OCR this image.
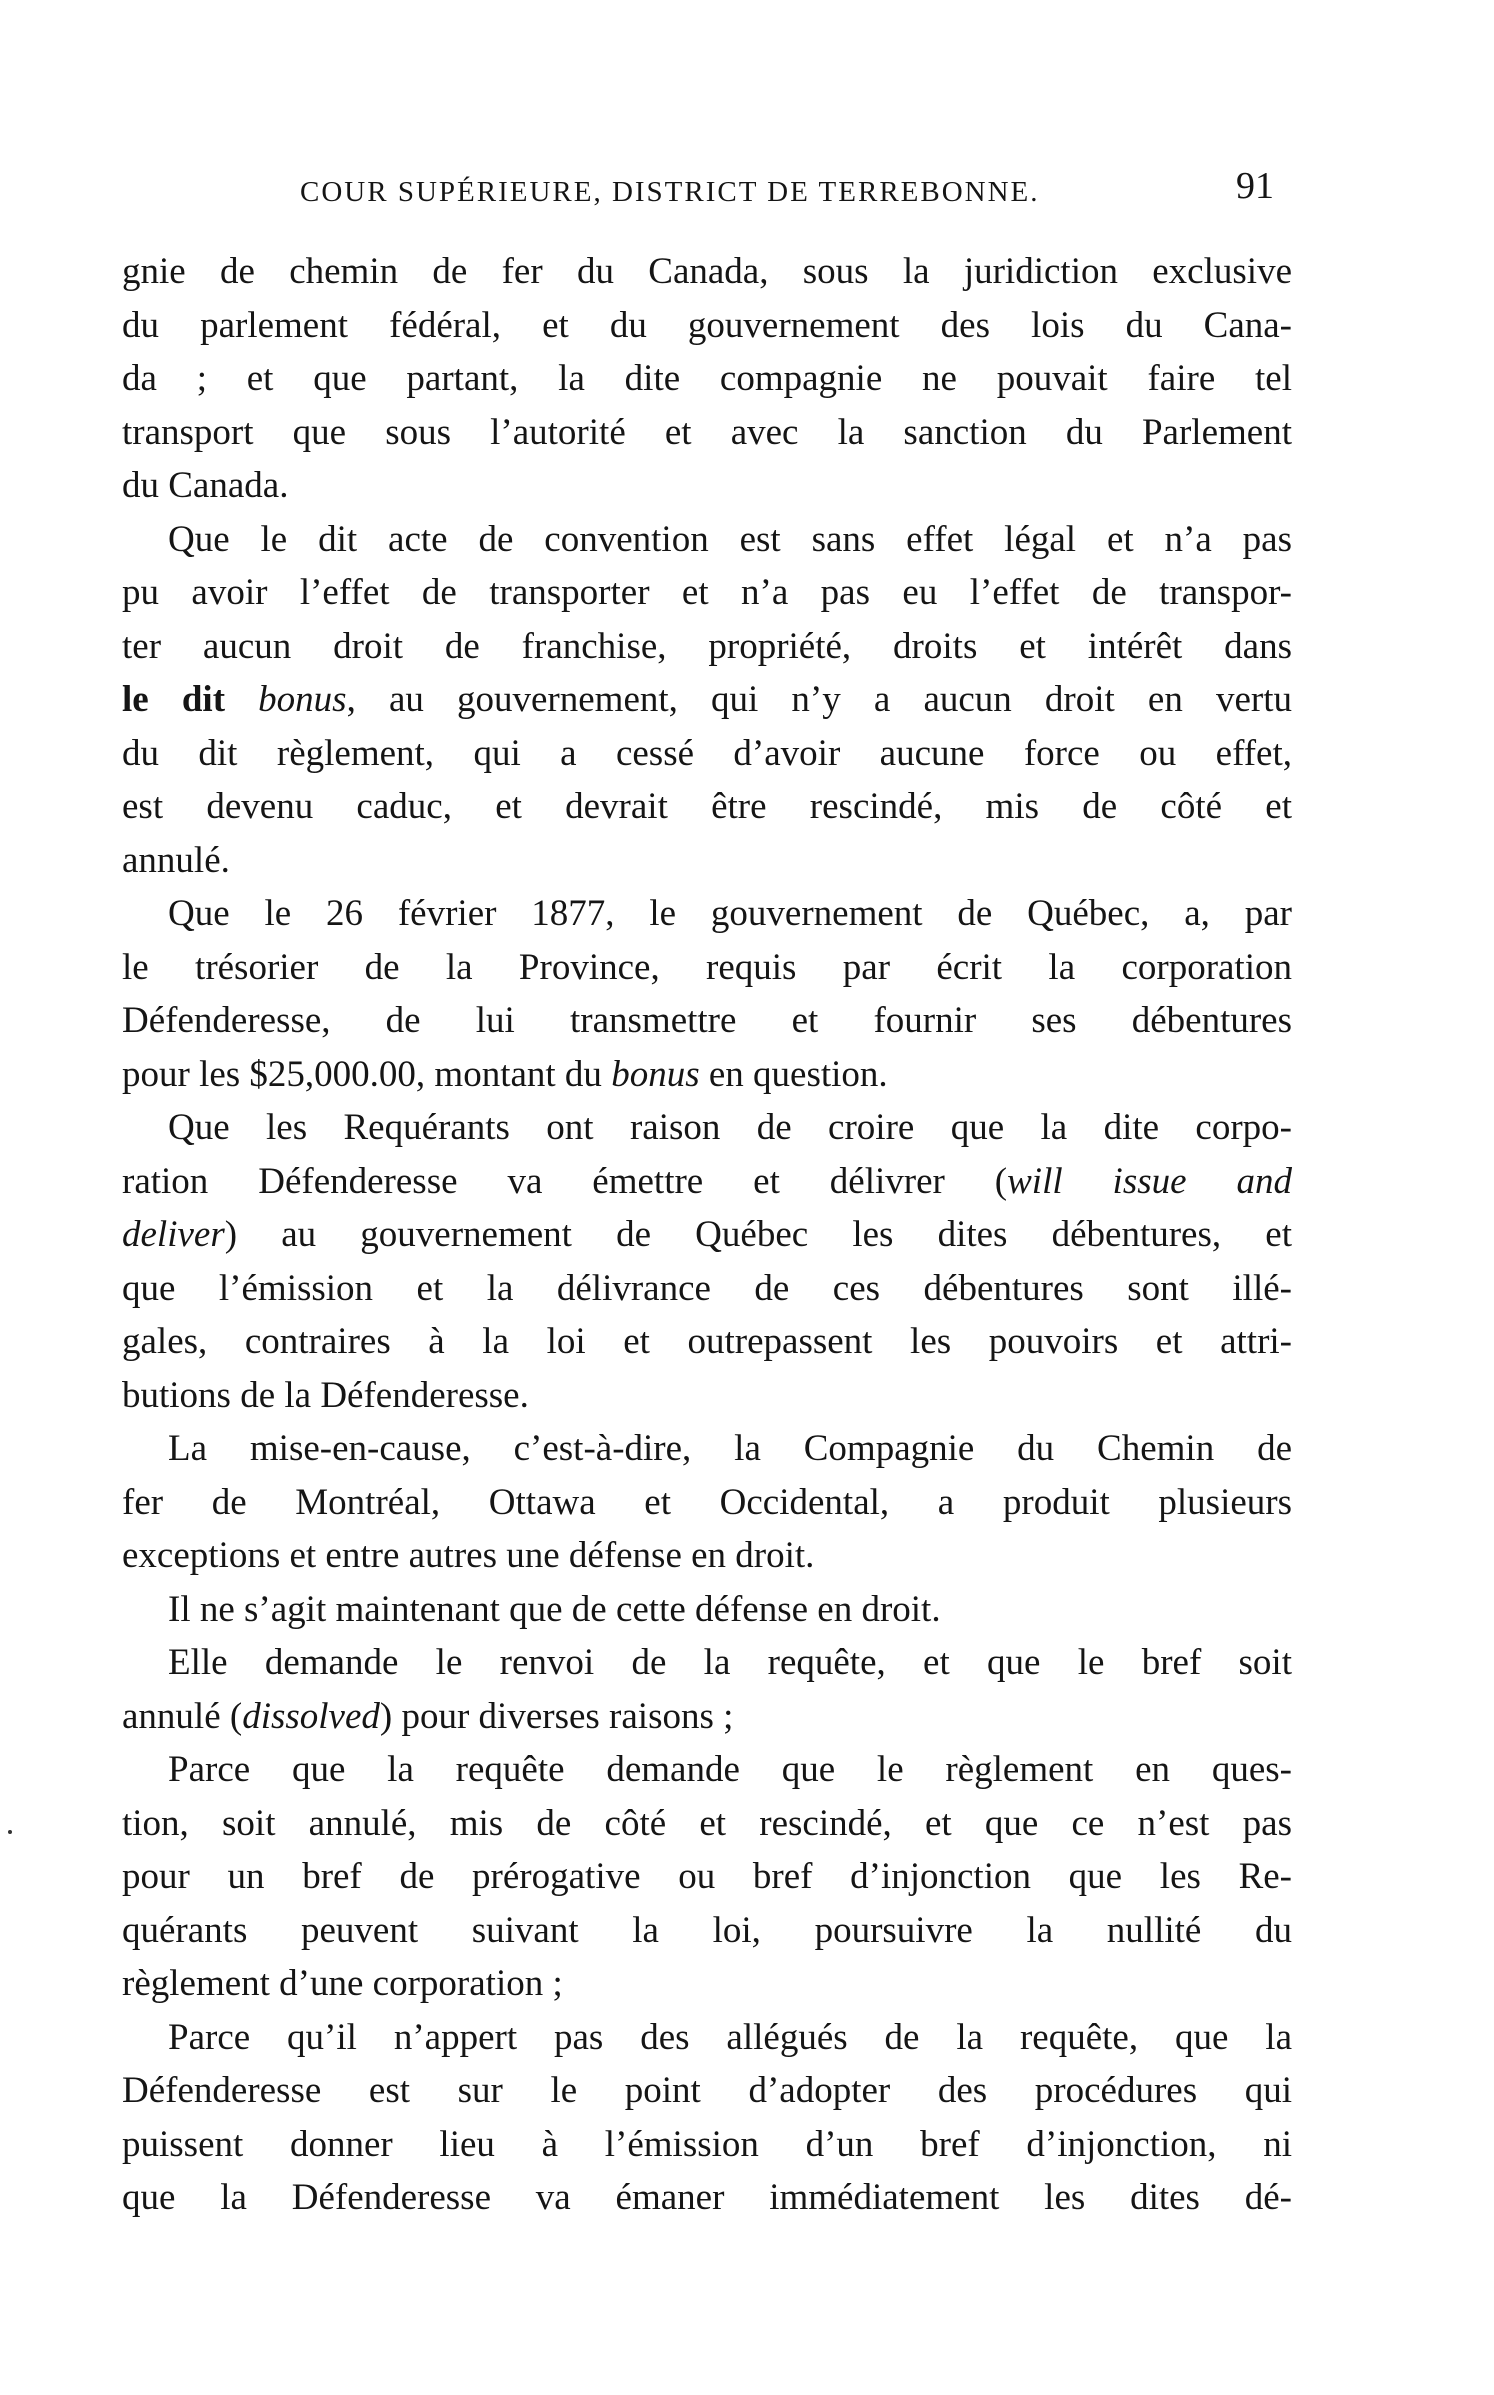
COUR SUPÉRIEURE, DISTRICT DE TERREBONNE.	91
gnie de chemin de fer du Canada, sous la juridiction exclusive
du parlement fédéral, et du gouvernement des lois du Cana-
da ; et que partant, la dite compagnie ne pouvait faire tel
transport que sous l’autorité et avec la sanction du Parlement
du Canada.
Que le dit acte de convention est sans effet légal et n’a pas
pu avoir l’effet de transporter et n’a pas eu l’effet de transpor-
ter aucun droit de franchise, propriété, droits et intérêt dans
le dit bonus, au gouvernement, qui n’y a aucun droit en vertu
du dit règlement, qui a cessé d’avoir aucune force ou effet,
est devenu caduc, et devrait être rescindé, mis de côté et
annulé.
Que le 26 février 1877, le gouvernement de Québec, a, par
le trésorier de la Province, requis par écrit la corporation
Défenderesse, de lui transmettre et fournir ses débentures
pour les $25,000.00, montant du bonus en question.
Que les Requérants ont raison de croire que la dite corpo-
ration Défenderesse va émettre et délivrer (will issue and
deliver) au gouvernement de Québec les dites débentures, et
que l’émission et la délivrance de ces débentures sont illé-
gales, contraires à la loi et outrepassent les pouvoirs et attri-
butions de la Défenderesse.
La mise-en-cause, c’est-à-dire, la Compagnie du Chemin de
fer de Montréal, Ottawa et Occidental, a produit plusieurs
exceptions et entre autres une défense en droit.
Il ne s’agit maintenant que de cette défense en droit.
Elle demande le renvoi de la requête, et que le bref soit
annulé (dissolved) pour diverses raisons ;
Parce que la requête demande que le règlement en ques-
tion, soit annulé, mis de côté et rescindé, et que ce n’est pas
pour un bref de prérogative ou bref d’injonction que les Re-
quérants peuvent suivant la loi, poursuivre la nullité du
règlement d’une corporation ;
Parce qu’il n’appert pas des allégués de la requête, que la
Défenderesse est sur le point d’adopter des procédures qui
puissent donner lieu à l’émission d’un bref d’injonction, ni
que la Défenderesse va émaner immédiatement les dites dé-
